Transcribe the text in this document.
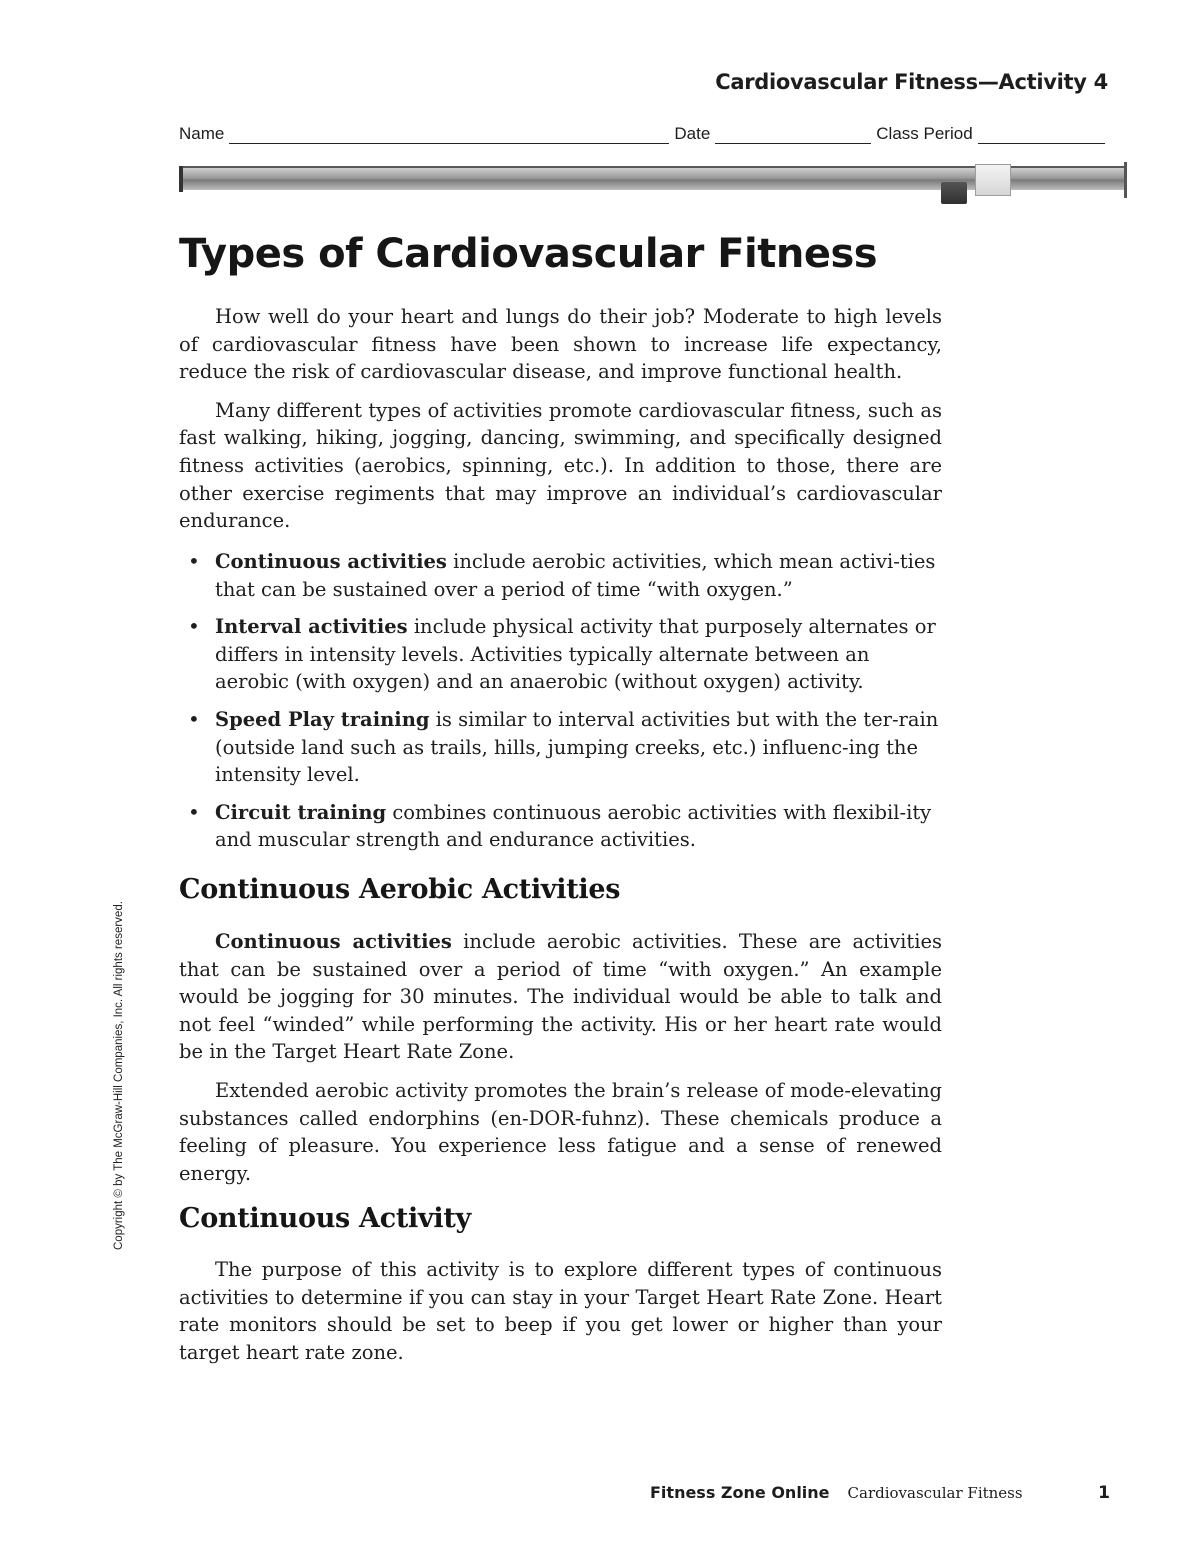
Cardiovascular Fitness—Activity 4
Name	Date	Class Period
Types of Cardiovascular Fitness

How well do your heart and lungs do their job? Moderate to high levels of cardiovascular fitness have been shown to increase life expectancy, reduce the risk of cardiovascular disease, and improve functional health.

Many different types of activities promote cardiovascular fitness, such as fast walking, hiking, jogging, dancing, swimming, and specifically designed fitness activities (aerobics, spinning, etc.). In addition to those, there are other exercise regiments that may improve an individual’s cardiovascular endurance.

• Continuous activities include aerobic activities, which mean activi-ties that can be sustained over a period of time “with oxygen.”
• Interval activities include physical activity that purposely alternates or differs in intensity levels. Activities typically alternate between an aerobic (with oxygen) and an anaerobic (without oxygen) activity.
• Speed Play training is similar to interval activities but with the ter-rain (outside land such as trails, hills, jumping creeks, etc.) influenc-ing the intensity level.
• Circuit training combines continuous aerobic activities with flexibil-ity and muscular strength and endurance activities.
Continuous Aerobic Activities

Continuous activities include aerobic activities. These are activities that can be sustained over a period of time “with oxygen.” An example would be jogging for 30 minutes. The individual would be able to talk and not feel “winded” while performing the activity. His or her heart rate would be in the Target Heart Rate Zone.

Extended aerobic activity promotes the brain’s release of mode-elevating substances called endorphins (en-DOR-fuhnz). These chemicals produce a feeling of pleasure. You experience less fatigue and a sense of renewed energy.

Continuous Activity

The purpose of this activity is to explore different types of continuous activities to determine if you can stay in your Target Heart Rate Zone. Heart rate monitors should be set to beep if you get lower or higher than your target heart rate zone.

Copyright © by The McGraw-Hill Companies, Inc. All rights reserved.
Fitness Zone Online Cardiovascular Fitness	1
